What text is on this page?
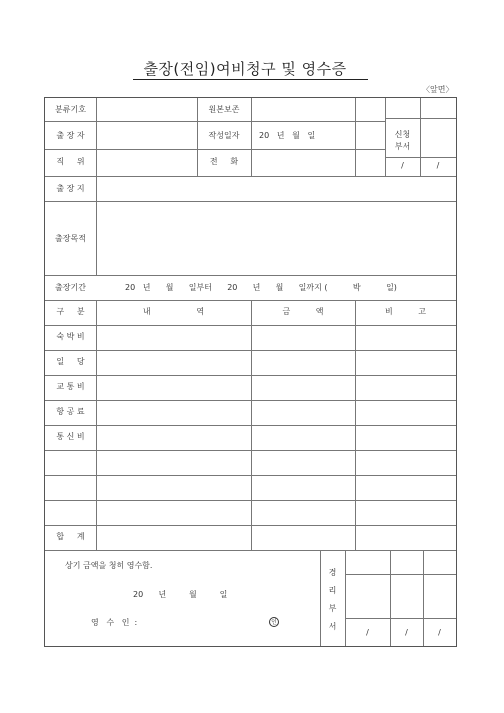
출장(전임)여비청구 및 영수증
〈앞면〉
분류기호	원본보존
출 장 자	작성일자	20   년   월   일
직     위	전     화
신청
부서
/	/
출 장 지
출장목적
출장기간	20   년      월      일부터      20      년      월      일까지 (          박          일)
구     분	내                  역	금          액	비          고
숙 박 비
일     당
교 통 비
항 공 료
통 신 비
합     계
상기 금액을 청히 영수함.
20      년         월         일
영   수   인  :	인
경
리
부
서
/	/	/
